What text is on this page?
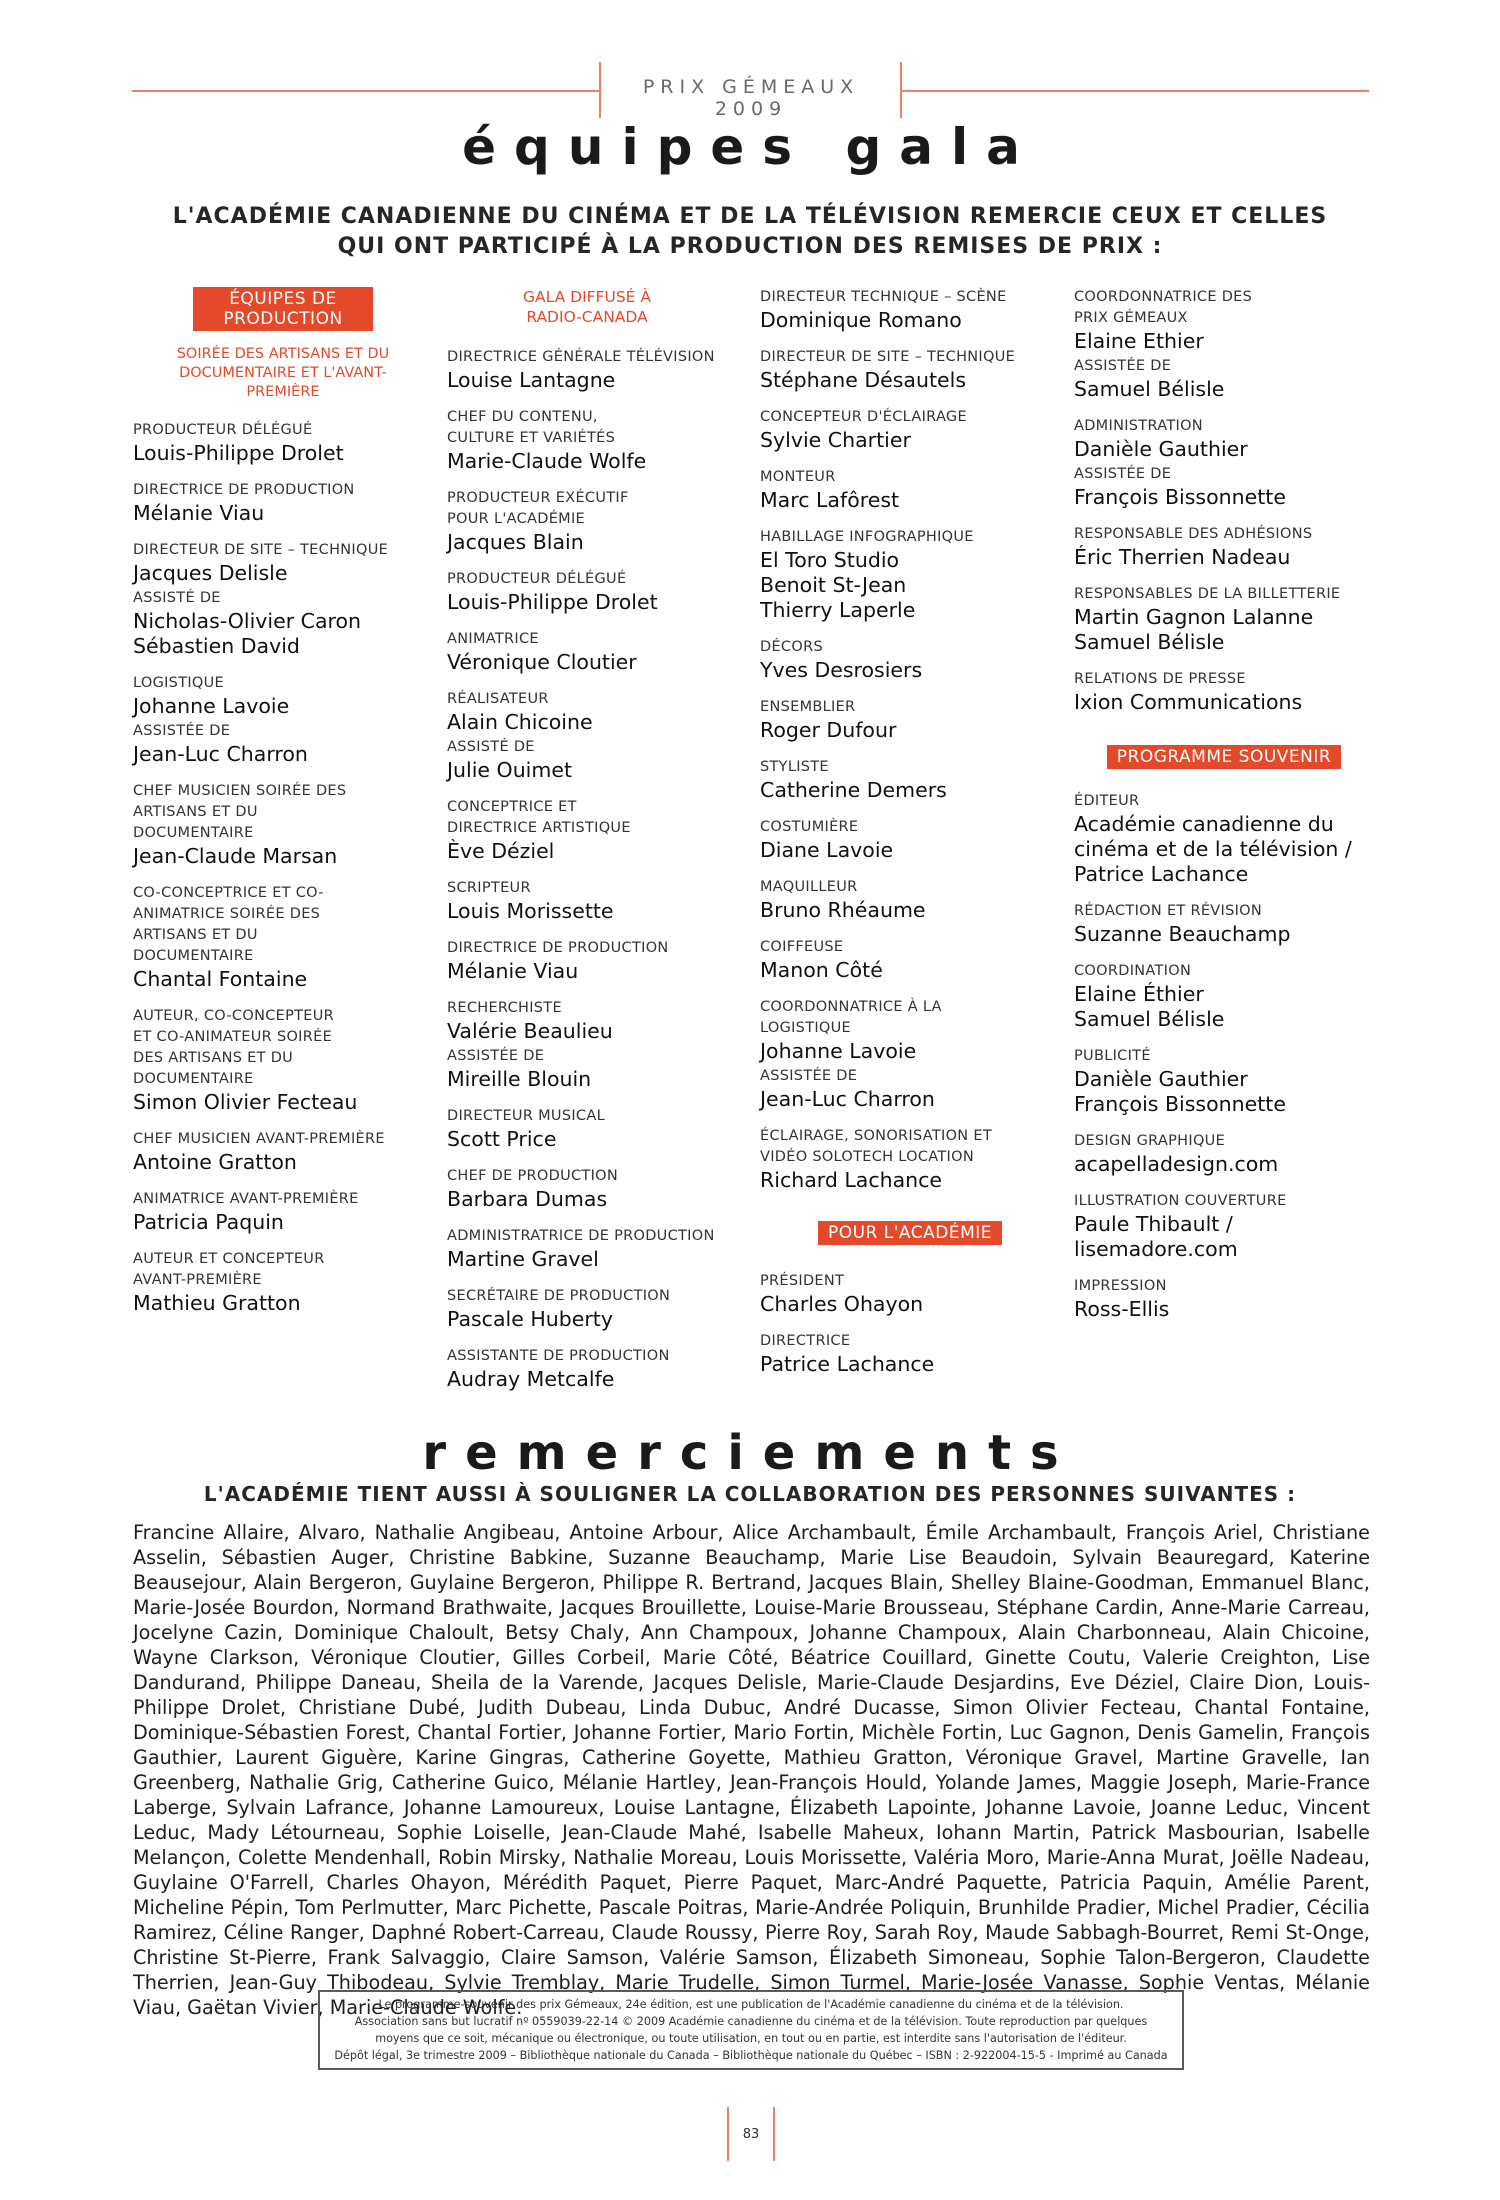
PRIX GÉMEAUX 2009
équipes gala
L'ACADÉMIE CANADIENNE DU CINÉMA ET DE LA TÉLÉVISION REMERCIE CEUX ET CELLES
QUI ONT PARTICIPÉ À LA PRODUCTION DES REMISES DE PRIX :
ÉQUIPES DE PRODUCTION
SOIRÉE DES ARTISANS ET DU DOCUMENTAIRE ET L'AVANT-PREMIÈRE
PRODUCTEUR DÉLÉGUÉ
Louis-Philippe Drolet
DIRECTRICE DE PRODUCTION
Mélanie Viau
DIRECTEUR DE SITE – TECHNIQUE
Jacques Delisle
ASSISTÉ DE
Nicholas-Olivier Caron
Sébastien David
LOGISTIQUE
Johanne Lavoie
ASSISTÉE DE
Jean-Luc Charron
CHEF MUSICIEN SOIRÉE DES ARTISANS ET DU DOCUMENTAIRE
Jean-Claude Marsan
CO-CONCEPTRICE ET CO-ANIMATRICE SOIRÉE DES ARTISANS ET DU DOCUMENTAIRE
Chantal Fontaine
AUTEUR, CO-CONCEPTEUR ET CO-ANIMATEUR SOIRÉE DES ARTISANS ET DU DOCUMENTAIRE
Simon Olivier Fecteau
CHEF MUSICIEN AVANT-PREMIÈRE
Antoine Gratton
ANIMATRICE AVANT-PREMIÈRE
Patricia Paquin
AUTEUR ET CONCEPTEUR AVANT-PREMIÈRE
Mathieu Gratton
GALA DIFFUSÉ À RADIO-CANADA
DIRECTRICE GÉNÉRALE TÉLÉVISION
Louise Lantagne
CHEF DU CONTENU, CULTURE ET VARIÉTÉS
Marie-Claude Wolfe
PRODUCTEUR EXÉCUTIF POUR L'ACADÉMIE
Jacques Blain
PRODUCTEUR DÉLÉGUÉ
Louis-Philippe Drolet
ANIMATRICE
Véronique Cloutier
RÉALISATEUR
Alain Chicoine
ASSISTÉ DE
Julie Ouimet
CONCEPTRICE ET DIRECTRICE ARTISTIQUE
Ève Déziel
SCRIPTEUR
Louis Morissette
DIRECTRICE DE PRODUCTION
Mélanie Viau
RECHERCHISTE
Valérie Beaulieu
ASSISTÉE DE
Mireille Blouin
DIRECTEUR MUSICAL
Scott Price
CHEF DE PRODUCTION
Barbara Dumas
ADMINISTRATRICE DE PRODUCTION
Martine Gravel
SECRÉTAIRE DE PRODUCTION
Pascale Huberty
ASSISTANTE DE PRODUCTION
Audray Metcalfe
DIRECTEUR TECHNIQUE – SCÈNE
Dominique Romano
DIRECTEUR DE SITE – TECHNIQUE
Stéphane Désautels
CONCEPTEUR D'ÉCLAIRAGE
Sylvie Chartier
MONTEUR
Marc Lafôrest
HABILLAGE INFOGRAPHIQUE
El Toro Studio
Benoit St-Jean
Thierry Laperle
DÉCORS
Yves Desrosiers
ENSEMBLIER
Roger Dufour
STYLISTE
Catherine Demers
COSTUMIÈRE
Diane Lavoie
MAQUILLEUR
Bruno Rhéaume
COIFFEUSE
Manon Côté
COORDONNATRICE À LA LOGISTIQUE
Johanne Lavoie
ASSISTÉE DE
Jean-Luc Charron
ÉCLAIRAGE, SONORISATION ET VIDÉO SOLOTECH LOCATION
Richard Lachance
POUR L'ACADÉMIE
PRÉSIDENT
Charles Ohayon
DIRECTRICE
Patrice Lachance
COORDONNATRICE DES PRIX GÉMEAUX
Elaine Ethier
ASSISTÉE DE
Samuel Bélisle
ADMINISTRATION
Danièle Gauthier
ASSISTÉE DE
François Bissonnette
RESPONSABLE DES ADHÉSIONS
Éric Therrien Nadeau
RESPONSABLES DE LA BILLETTERIE
Martin Gagnon Lalanne
Samuel Bélisle
RELATIONS DE PRESSE
Ixion Communications
PROGRAMME SOUVENIR
ÉDITEUR
Académie canadienne du cinéma et de la télévision / Patrice Lachance
RÉDACTION ET RÉVISION
Suzanne Beauchamp
COORDINATION
Elaine Éthier
Samuel Bélisle
PUBLICITÉ
Danièle Gauthier
François Bissonnette
DESIGN GRAPHIQUE
acapelladesign.com
ILLUSTRATION COUVERTURE
Paule Thibault / lisemadore.com
IMPRESSION
Ross-Ellis
remerciements
L'ACADÉMIE TIENT AUSSI À SOULIGNER LA COLLABORATION DES PERSONNES SUIVANTES :
Francine Allaire, Alvaro, Nathalie Angibeau, Antoine Arbour, Alice Archambault, Émile Archambault, François Ariel, Christiane Asselin, Sébastien Auger, Christine Babkine, Suzanne Beauchamp, Marie Lise Beaudoin, Sylvain Beauregard, Katerine Beausejour, Alain Bergeron, Guylaine Bergeron, Philippe R. Bertrand, Jacques Blain, Shelley Blaine-Goodman, Emmanuel Blanc, Marie-Josée Bourdon, Normand Brathwaite, Jacques Brouillette, Louise-Marie Brousseau, Stéphane Cardin, Anne-Marie Carreau, Jocelyne Cazin, Dominique Chaloult, Betsy Chaly, Ann Champoux, Johanne Champoux, Alain Charbonneau, Alain Chicoine, Wayne Clarkson, Véronique Cloutier, Gilles Corbeil, Marie Côté, Béatrice Couillard, Ginette Coutu, Valerie Creighton, Lise Dandurand, Philippe Daneau, Sheila de la Varende, Jacques Delisle, Marie-Claude Desjardins, Eve Déziel, Claire Dion, Louis-Philippe Drolet, Christiane Dubé, Judith Dubeau, Linda Dubuc, André Ducasse, Simon Olivier Fecteau, Chantal Fontaine, Dominique-Sébastien Forest, Chantal Fortier, Johanne Fortier, Mario Fortin, Michèle Fortin, Luc Gagnon, Denis Gamelin, François Gauthier, Laurent Giguère, Karine Gingras, Catherine Goyette, Mathieu Gratton, Véronique Gravel, Martine Gravelle, Ian Greenberg, Nathalie Grig, Catherine Guico, Mélanie Hartley, Jean-François Hould, Yolande James, Maggie Joseph, Marie-France Laberge, Sylvain Lafrance, Johanne Lamoureux, Louise Lantagne, Élizabeth Lapointe, Johanne Lavoie, Joanne Leduc, Vincent Leduc, Mady Létourneau, Sophie Loiselle, Jean-Claude Mahé, Isabelle Maheux, Iohann Martin, Patrick Masbourian, Isabelle Melançon, Colette Mendenhall, Robin Mirsky, Nathalie Moreau, Louis Morissette, Valéria Moro, Marie-Anna Murat, Joëlle Nadeau, Guylaine O'Farrell, Charles Ohayon, Mérédith Paquet, Pierre Paquet, Marc-André Paquette, Patricia Paquin, Amélie Parent, Micheline Pépin, Tom Perlmutter, Marc Pichette, Pascale Poitras, Marie-Andrée Poliquin, Brunhilde Pradier, Michel Pradier, Cécilia Ramirez, Céline Ranger, Daphné Robert-Carreau, Claude Roussy, Pierre Roy, Sarah Roy, Maude Sabbagh-Bourret, Remi St-Onge, Christine St-Pierre, Frank Salvaggio, Claire Samson, Valérie Samson, Élizabeth Simoneau, Sophie Talon-Bergeron, Claudette Therrien, Jean-Guy Thibodeau, Sylvie Tremblay, Marie Trudelle, Simon Turmel, Marie-Josée Vanasse, Sophie Ventas, Mélanie Viau, Gaëtan Vivier, Marie-Claude Wolfe.
Le programme-souvenir des prix Gémeaux, 24e édition, est une publication de l'Académie canadienne du cinéma et de la télévision.
Association sans but lucratif nº 0559039-22-14 © 2009 Académie canadienne du cinéma et de la télévision. Toute reproduction par quelques
moyens que ce soit, mécanique ou électronique, ou toute utilisation, en tout ou en partie, est interdite sans l'autorisation de l'éditeur.
Dépôt légal, 3e trimestre 2009 – Bibliothèque nationale du Canada – Bibliothèque nationale du Québec – ISBN : 2-922004-15-5 - Imprimé au Canada
83
